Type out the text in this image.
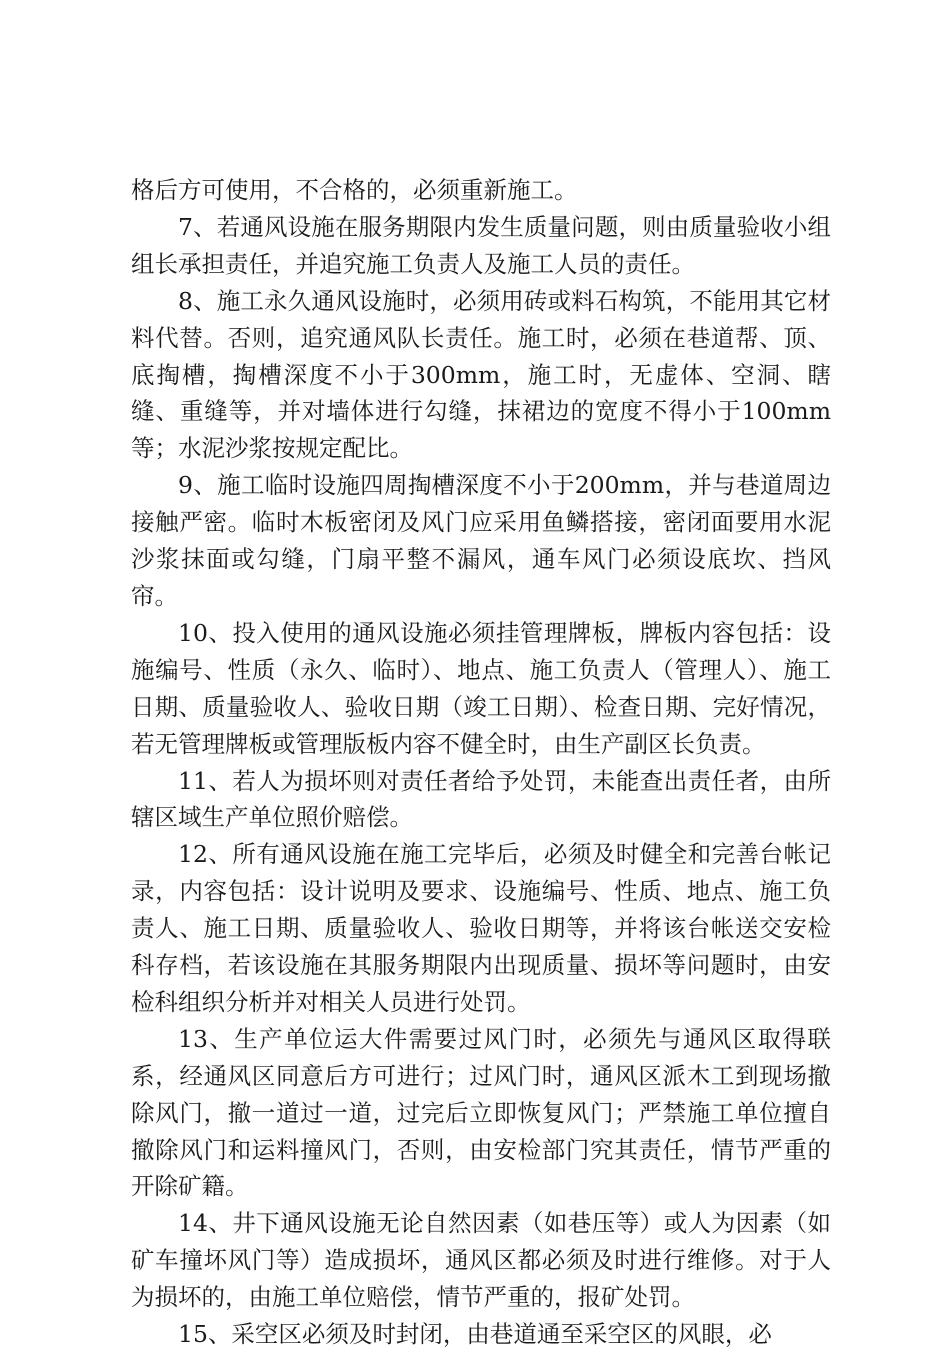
格后方可使用，不合格的，必须重新施工。

7、若通风设施在服务期限内发生质量问题，则由质量验收小组组长承担责任，并追究施工负责人及施工人员的责任。

8、施工永久通风设施时，必须用砖或料石构筑，不能用其它材料代替。否则，追究通风队长责任。施工时，必须在巷道帮、顶、底掏槽，掏槽深度不小于300mm，施工时，无虚体、空洞、瞎缝、重缝等，并对墙体进行勾缝，抹裙边的宽度不得小于100mm等；水泥沙浆按规定配比。

9、施工临时设施四周掏槽深度不小于200mm，并与巷道周边接触严密。临时木板密闭及风门应采用鱼鳞搭接，密闭面要用水泥沙浆抹面或勾缝，门扇平整不漏风，通车风门必须设底坎、挡风帘。

10、投入使用的通风设施必须挂管理牌板，牌板内容包括：设施编号、性质（永久、临时）、地点、施工负责人（管理人）、施工日期、质量验收人、验收日期（竣工日期）、检查日期、完好情况，若无管理牌板或管理版板内容不健全时，由生产副区长负责。

11、若人为损坏则对责任者给予处罚，未能查出责任者，由所辖区域生产单位照价赔偿。

12、所有通风设施在施工完毕后，必须及时健全和完善台帐记录，内容包括：设计说明及要求、设施编号、性质、地点、施工负责人、施工日期、质量验收人、验收日期等，并将该台帐送交安检科存档，若该设施在其服务期限内出现质量、损坏等问题时，由安检科组织分析并对相关人员进行处罚。

13、生产单位运大件需要过风门时，必须先与通风区取得联系，经通风区同意后方可进行；过风门时，通风区派木工到现场撤除风门，撤一道过一道，过完后立即恢复风门；严禁施工单位擅自撤除风门和运料撞风门，否则，由安检部门究其责任，情节严重的开除矿籍。

14、井下通风设施无论自然因素（如巷压等）或人为因素（如矿车撞坏风门等）造成损坏，通风区都必须及时进行维修。对于人为损坏的，由施工单位赔偿，情节严重的，报矿处罚。

15、采空区必须及时封闭，由巷道通至采空区的风眼，必
